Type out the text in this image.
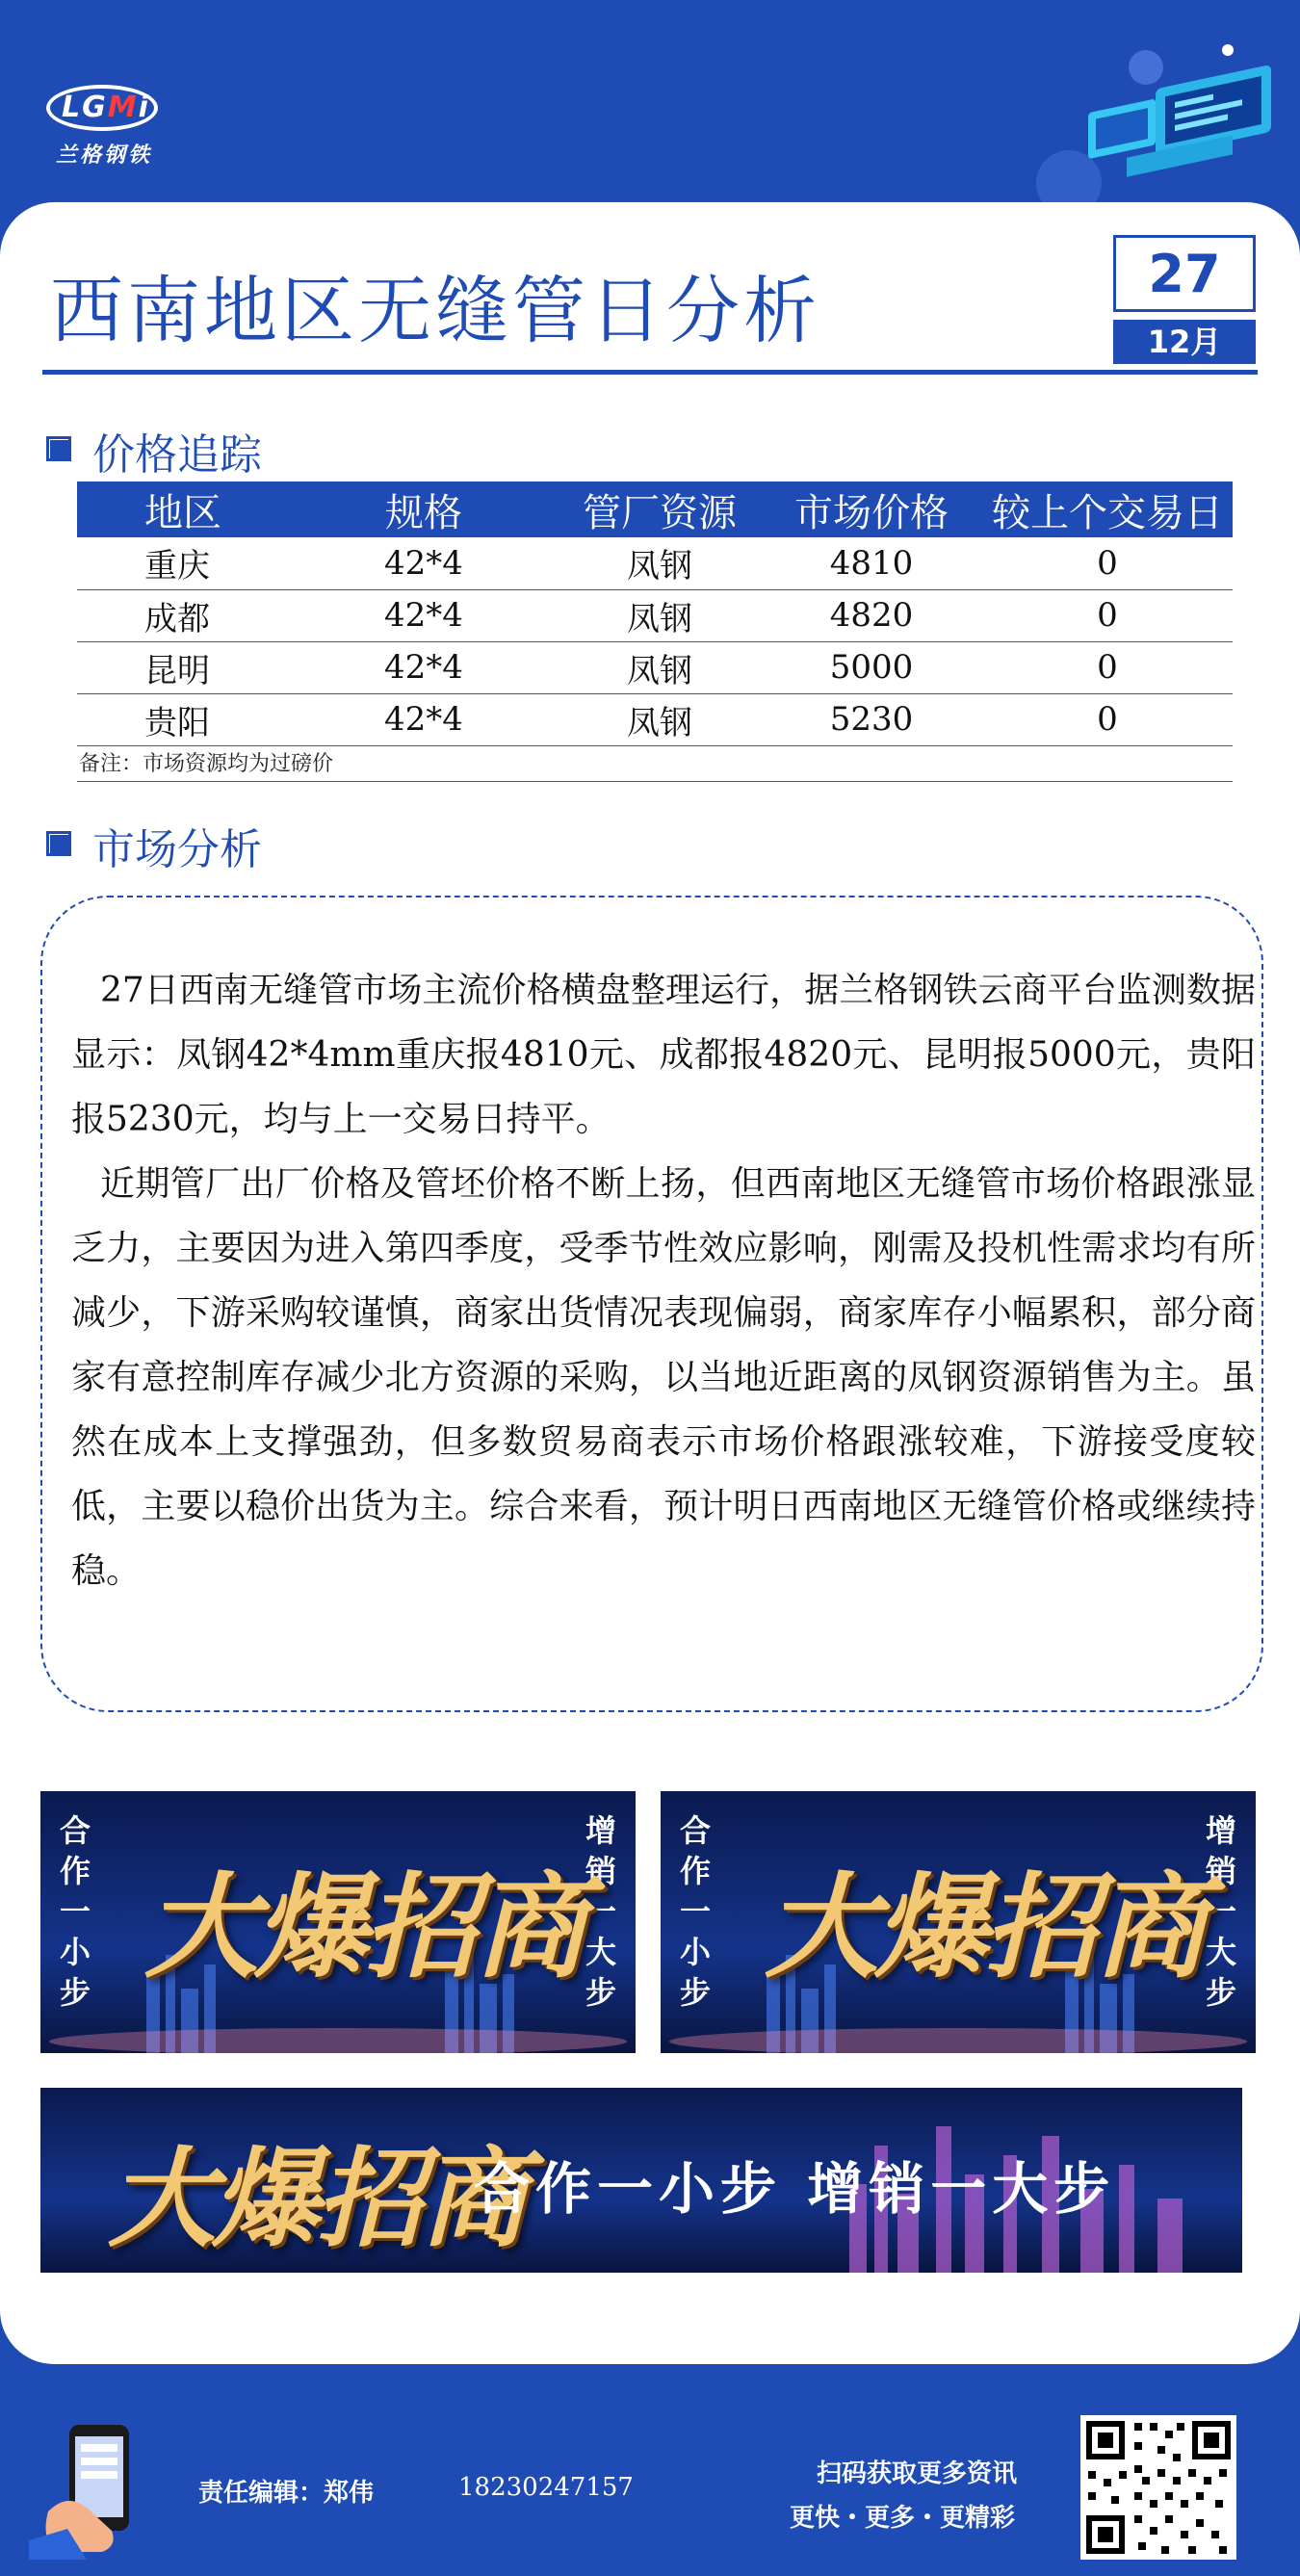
LGMi
兰格钢铁
西南地区无缝管日分析	27
12月
价格追踪
地区	规格	管厂资源	市场价格	较上个交易日
重庆	42*4	凤钢	4810	0
成都	42*4	凤钢	4820	0
昆明	42*4	凤钢	5000	0
贵阳	42*4	凤钢	5230	0
备注：市场资源均为过磅价
市场分析

27日西南无缝管市场主流价格横盘整理运行，据兰格钢铁云商平台监测数据显示：凤钢42*4mm重庆报4810元、成都报4820元、昆明报5000元，贵阳报5230元，均与上一交易日持平。

近期管厂出厂价格及管坯价格不断上扬，但西南地区无缝管市场价格跟涨显乏力，主要因为进入第四季度，受季节性效应影响，刚需及投机性需求均有所减少，下游采购较谨慎，商家出货情况表现偏弱，商家库存小幅累积，部分商家有意控制库存减少北方资源的采购，以当地近距离的凤钢资源销售为主。虽然在成本上支撑强劲，但多数贸易商表示市场价格跟涨较难，下游接受度较低，主要以稳价出货为主。综合来看，预计明日西南地区无缝管价格或继续持稳。

合作一小步
增销一大步
大爆招商
合作一小步
增销一大步
大爆招商
大爆招商
合作一小步 增销一大步
责任编辑：郑伟	18230247157	扫码获取更多资讯
更快・更多・更精彩
